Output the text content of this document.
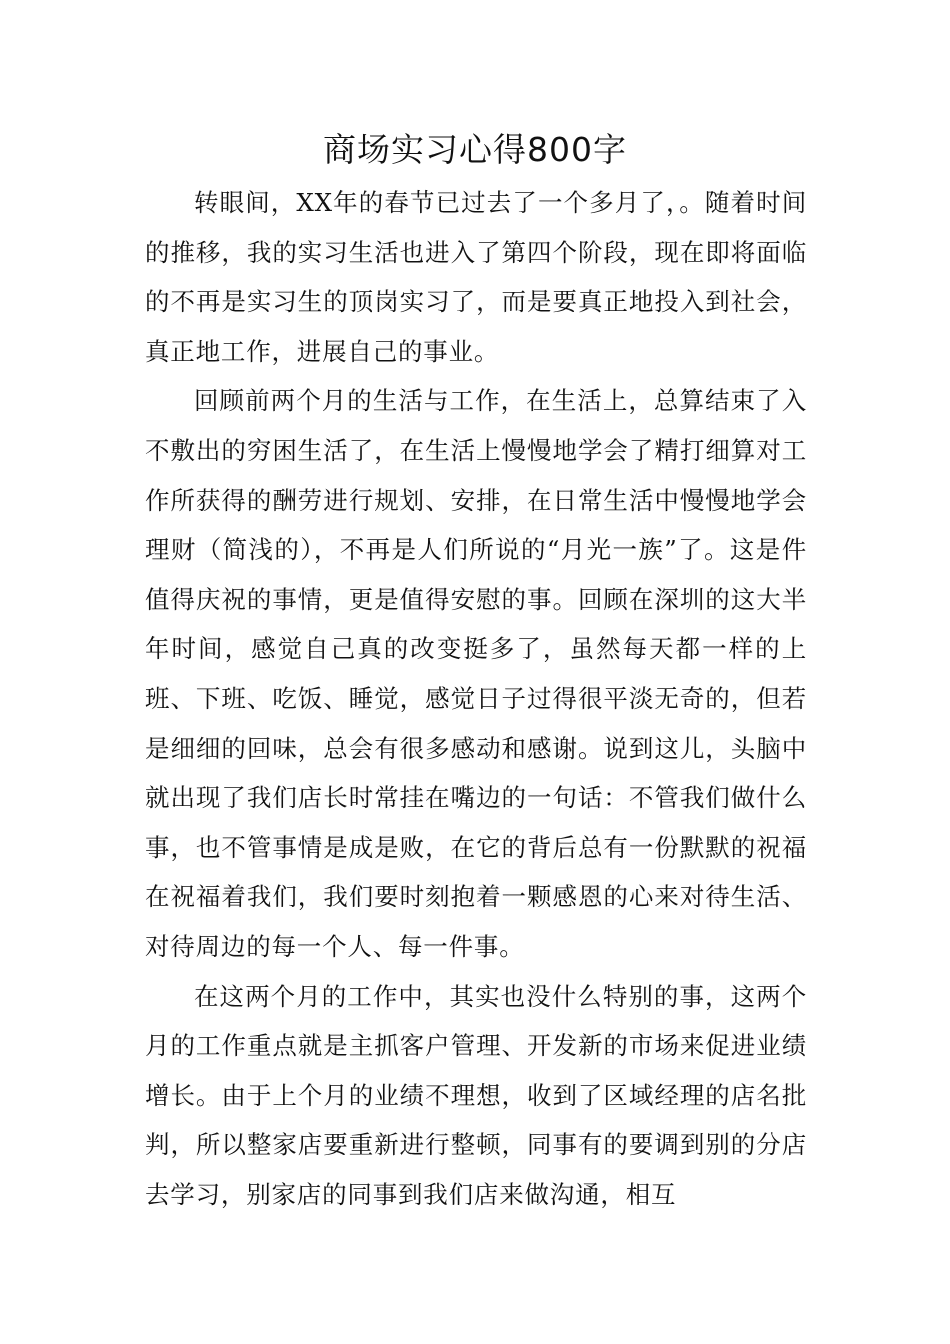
商场实习心得800字

转眼间，XX年的春节已过去了一个多月了，。随着时间的推移，我的实习生活也进入了第四个阶段，现在即将面临的不再是实习生的顶岗实习了，而是要真正地投入到社会，真正地工作，进展自己的事业。

回顾前两个月的生活与工作，在生活上，总算结束了入不敷出的穷困生活了，在生活上慢慢地学会了精打细算对工作所获得的酬劳进行规划、安排，在日常生活中慢慢地学会理财（简浅的），不再是人们所说的“月光一族”了。这是件值得庆祝的事情，更是值得安慰的事。回顾在深圳的这大半年时间，感觉自己真的改变挺多了，虽然每天都一样的上班、下班、吃饭、睡觉，感觉日子过得很平淡无奇的，但若是细细的回味，总会有很多感动和感谢。说到这儿，头脑中就出现了我们店长时常挂在嘴边的一句话：不管我们做什么事，也不管事情是成是败，在它的背后总有一份默默的祝福在祝福着我们，我们要时刻抱着一颗感恩的心来对待生活、对待周边的每一个人、每一件事。

在这两个月的工作中，其实也没什么特别的事，这两个月的工作重点就是主抓客户管理、开发新的市场来促进业绩增长。由于上个月的业绩不理想，收到了区域经理的店名批判，所以整家店要重新进行整顿，同事有的要调到别的分店去学习，别家店的同事到我们店来做沟通，相互
